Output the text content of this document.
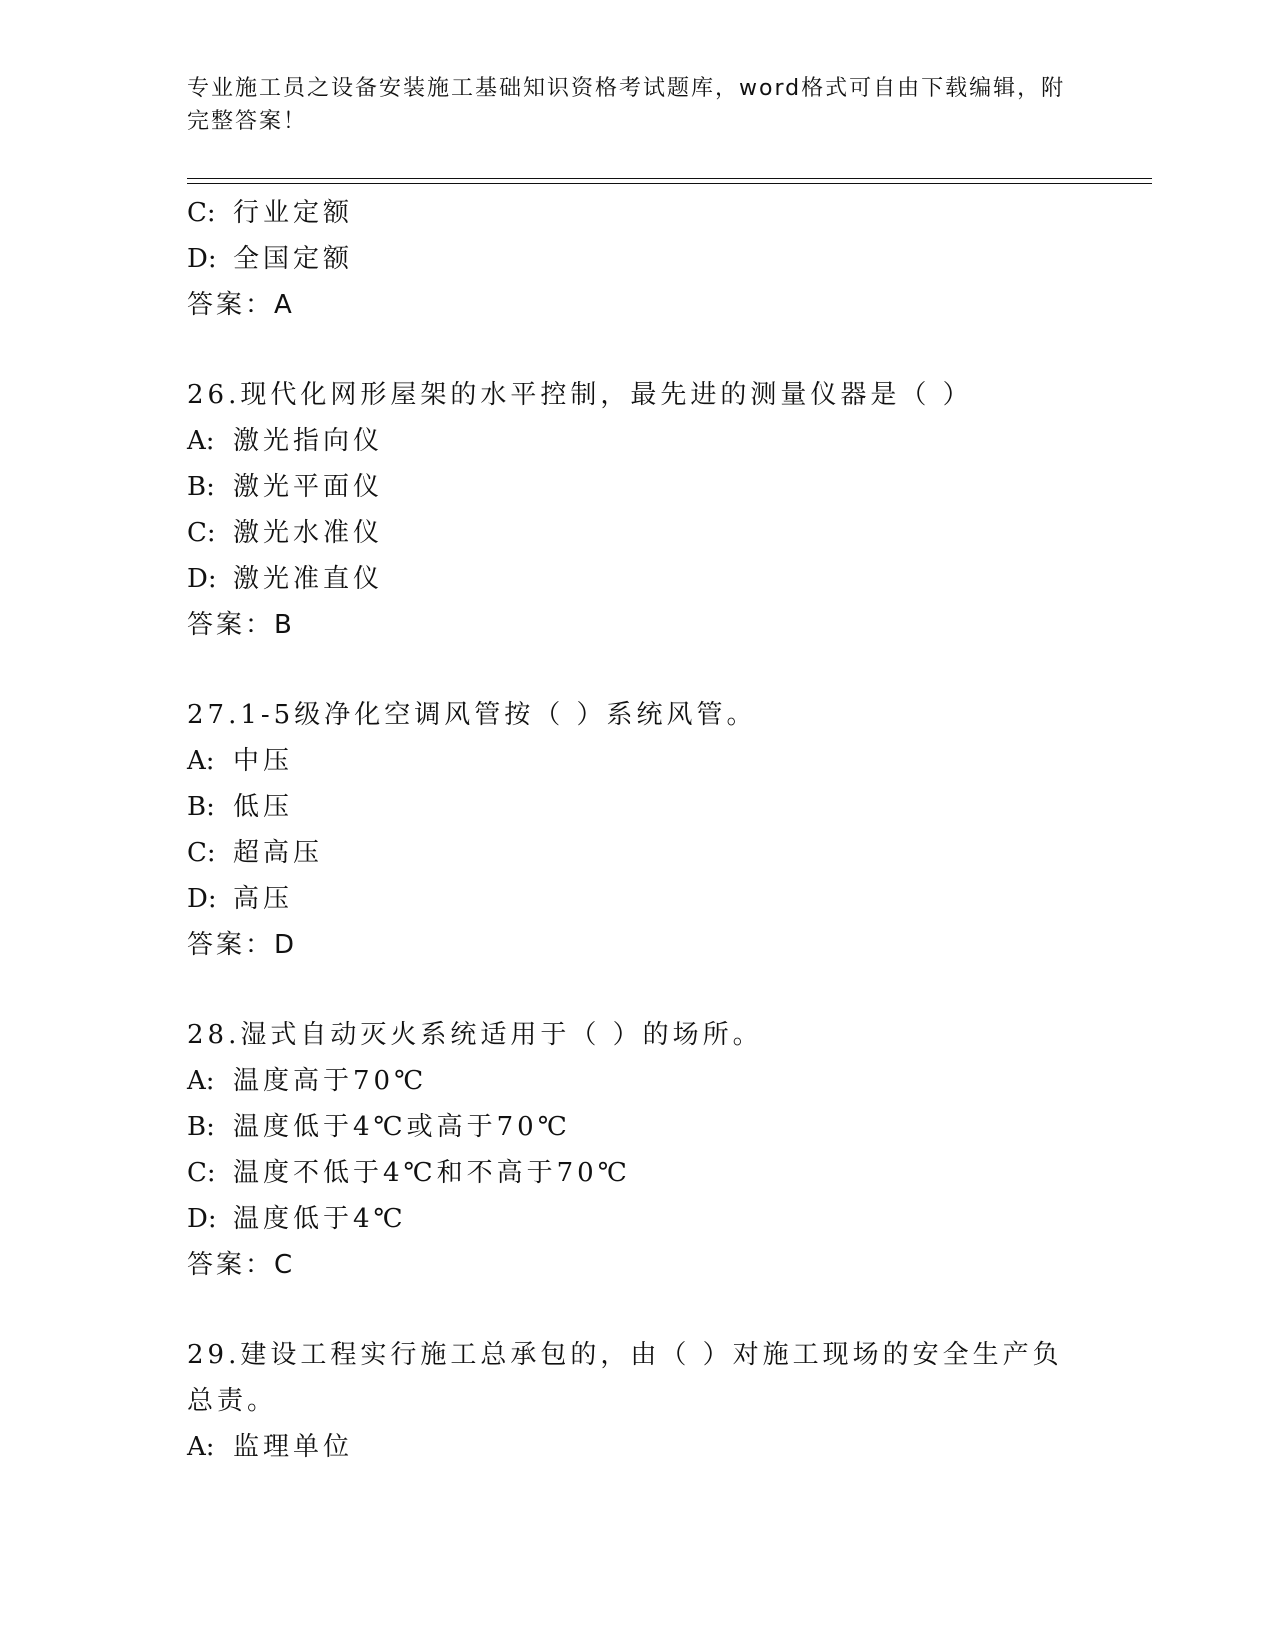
专业施工员之设备安装施工基础知识资格考试题库，word格式可自由下载编辑，附完整答案！
C: 行业定额
D: 全国定额
答案：A
26.现代化网形屋架的水平控制，最先进的测量仪器是（ ）
A: 激光指向仪
B: 激光平面仪
C: 激光水准仪
D: 激光准直仪
答案：B
27.1-5级净化空调风管按（ ）系统风管。
A: 中压
B: 低压
C: 超高压
D: 高压
答案：D
28.湿式自动灭火系统适用于（ ）的场所。
A: 温度高于70℃
B: 温度低于4℃或高于70℃
C: 温度不低于4℃和不高于70℃
D: 温度低于4℃
答案：C
29.建设工程实行施工总承包的，由（ ）对施工现场的安全生产负总责。
A: 监理单位
